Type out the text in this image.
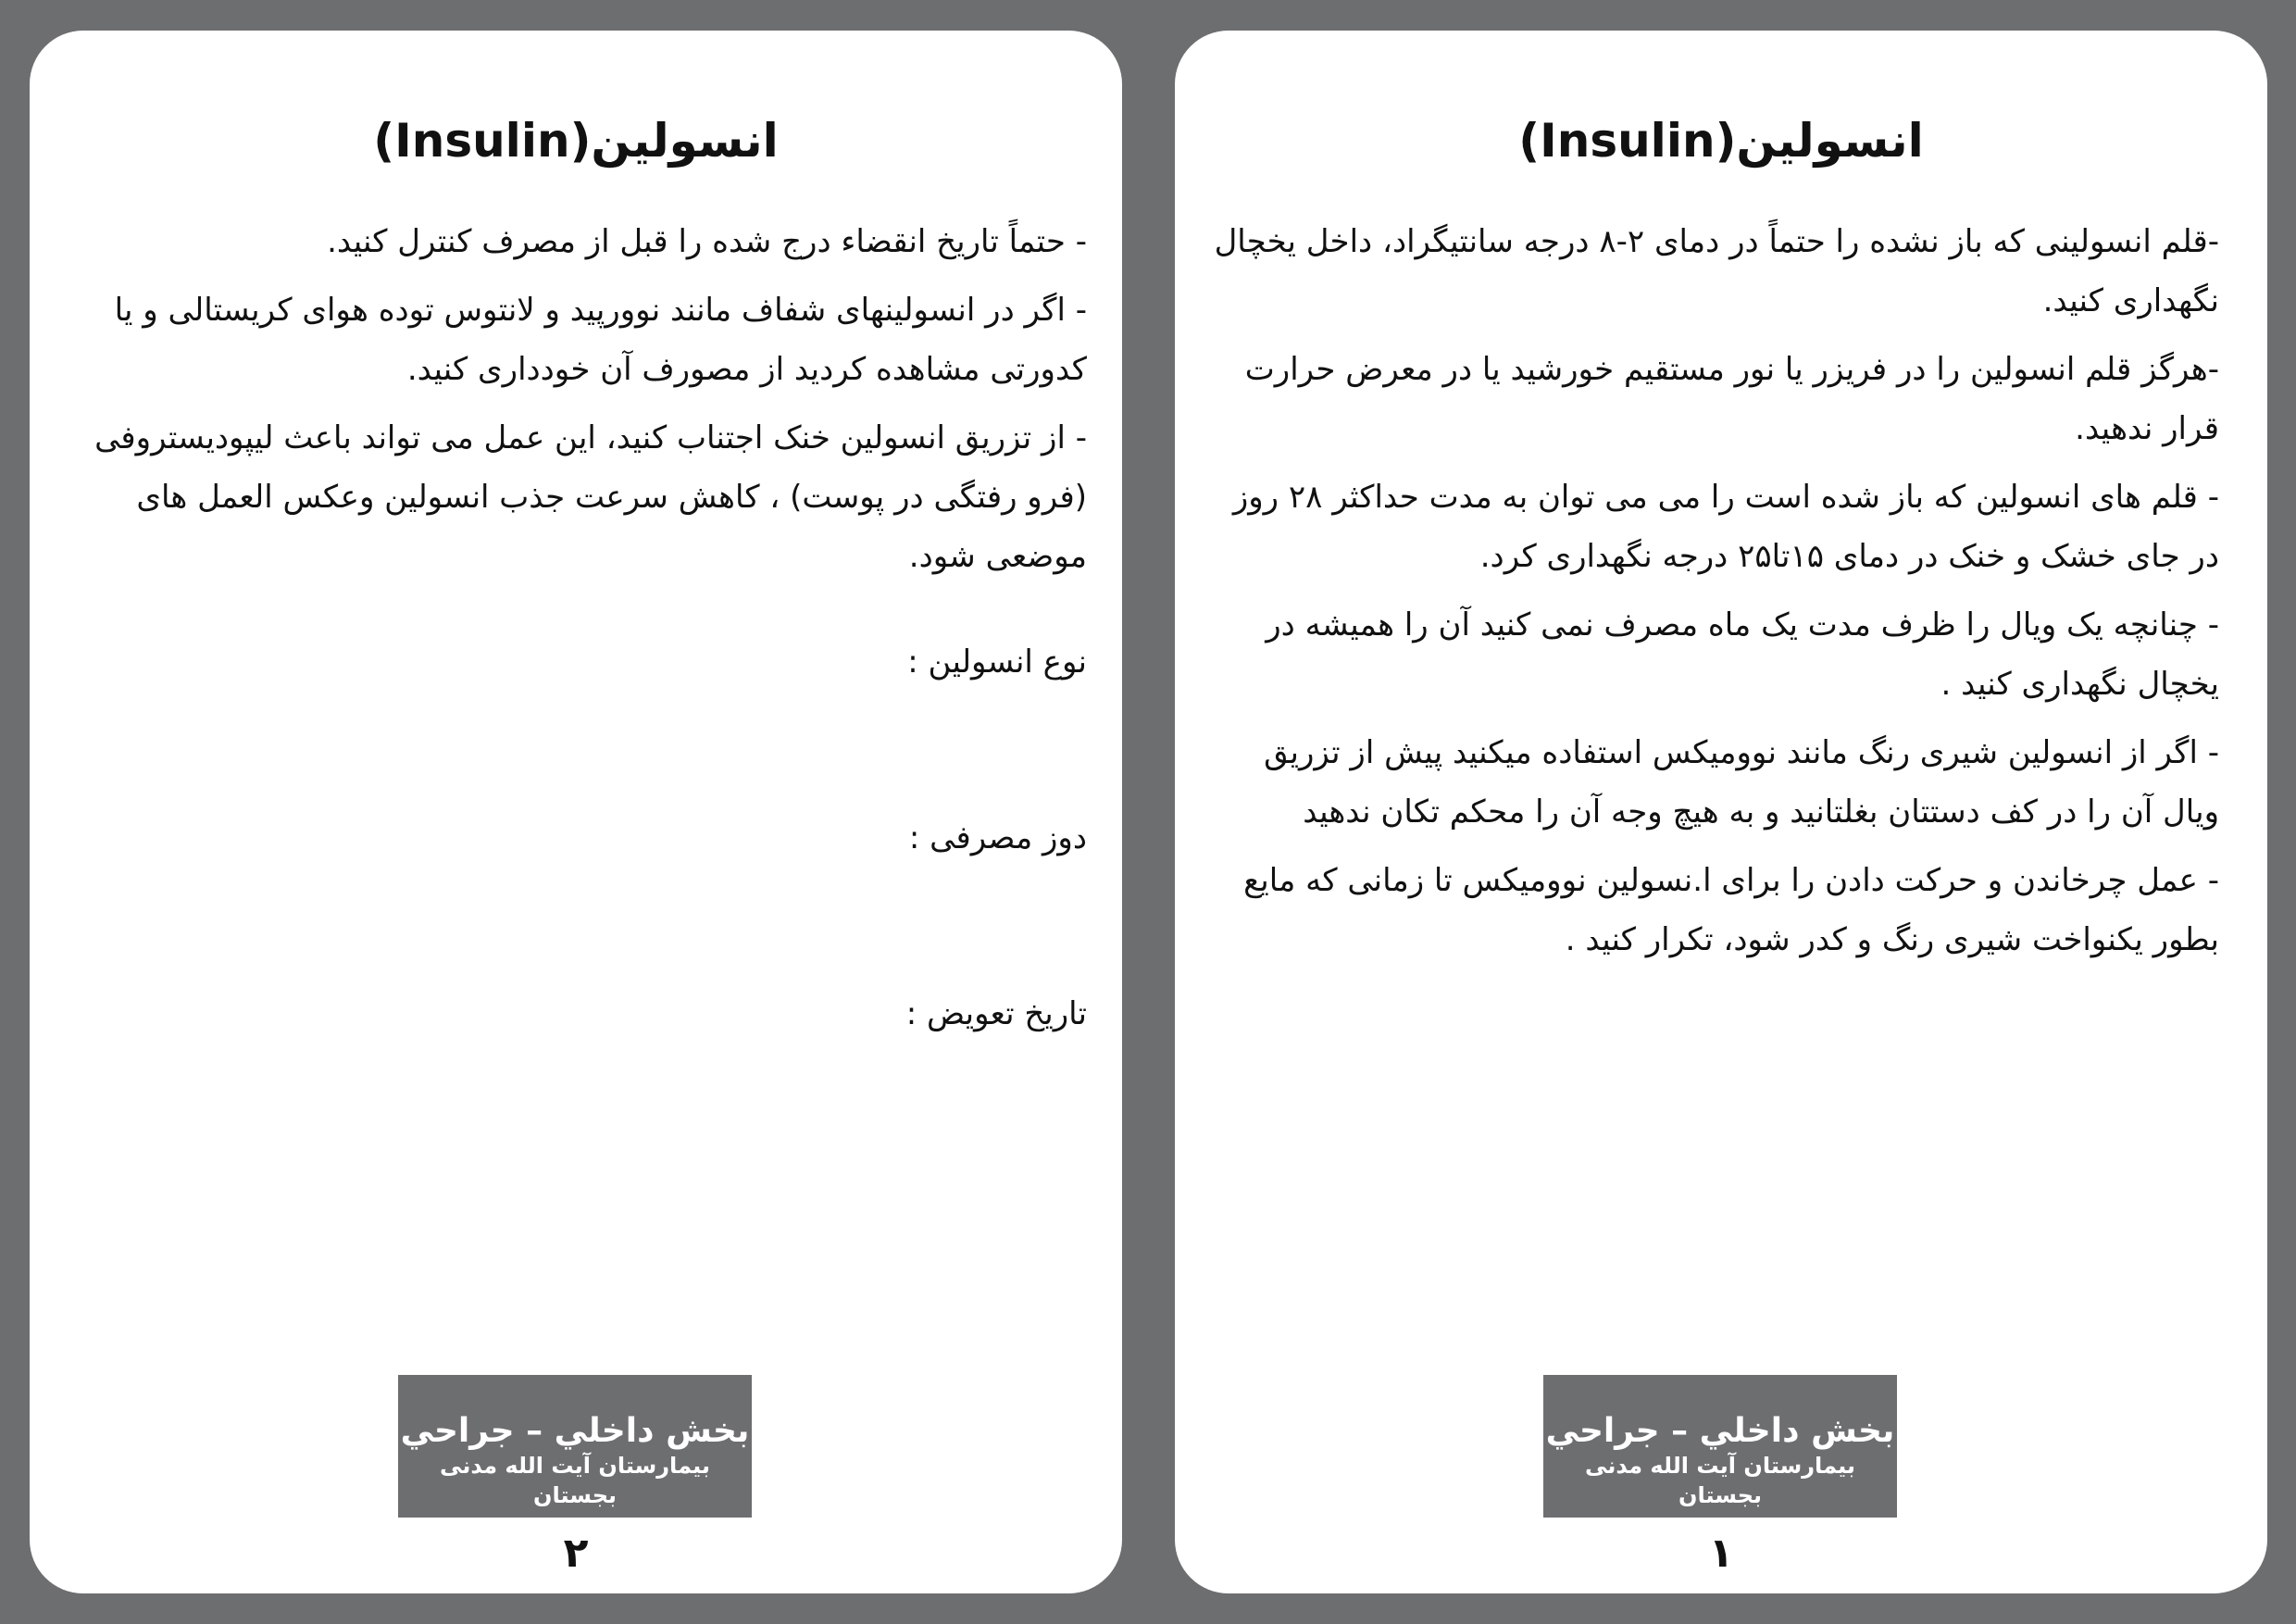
انسولین(Insulin)

- حتماً تاریخ انقضاء درج شده را قبل از مصرف کنترل کنید.

- اگر در انسولینهای شفاف مانند نوورپید و لانتوس توده هوای کریستالی و یا کدورتی مشاهده کردید از مصورف آن خودداری کنید.

- از تزریق انسولین خنک اجتناب کنید، این عمل می تواند باعث لیپودیستروفی (فرو رفتگی در پوست) ، کاهش سرعت جذب انسولین وعکس العمل های موضعی شود.

نوع انسولین :

دوز مصرفی :

تاریخ تعویض :

بخش داخلي – جراحي
بیمارستان آیت الله مدنی بجستان
۲
انسولین(Insulin)

-قلم انسولینی که باز نشده را حتماً در دمای ۲-۸ درجه سانتیگراد، داخل یخچال نگهداری کنید.

-هرگز قلم انسولین را در فریزر یا نور مستقیم خورشید یا در معرض حرارت قرار ندهید.

- قلم های انسولین که باز شده است را می می توان به مدت حداکثر ۲۸ روز در جای خشک و خنک در دمای ۱۵تا۲۵ درجه نگهداری کرد.

- چنانچه یک ویال را ظرف مدت یک ماه مصرف نمی کنید آن را همیشه در یخچال نگهداری کنید .

- اگر از انسولین شیری رنگ مانند نوومیکس استفاده میکنید پیش از تزریق ویال آن را در کف دستتان بغلتانید و به هیچ وجه آن را محکم تکان ندهید

- عمل چرخاندن و حرکت دادن را برای ا.نسولین نوومیکس تا زمانی که مایع بطور یکنواخت شیری رنگ و کدر شود، تکرار کنید .

بخش داخلي – جراحي
بیمارستان آیت الله مدنی بجستان
۱
